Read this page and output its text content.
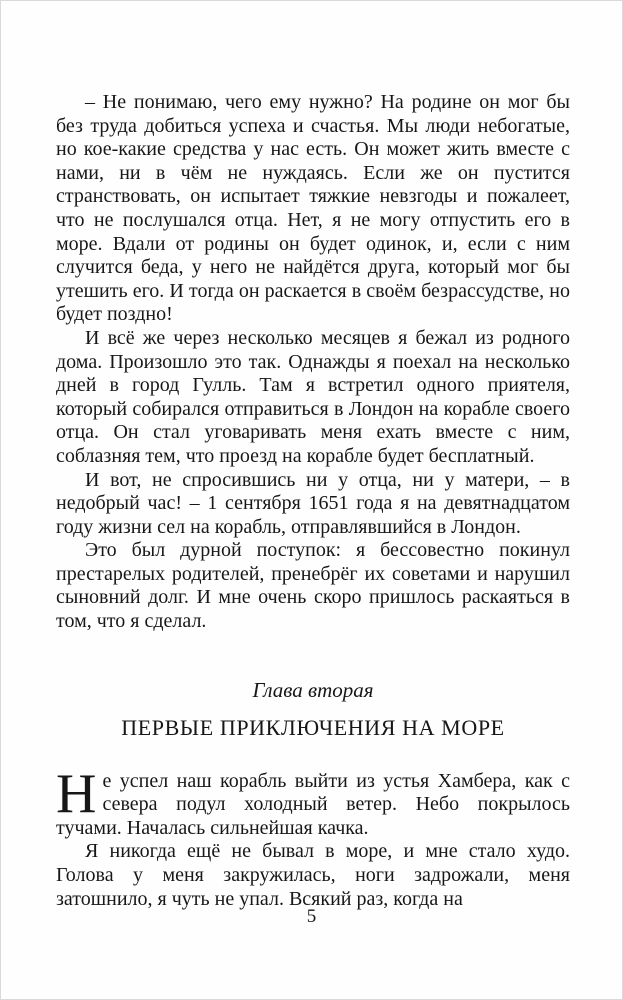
– Не понимаю, чего ему нужно? На родине он мог бы без труда добиться успеха и счастья. Мы люди небогатые, но кое-какие средства у нас есть. Он может жить вместе с нами, ни в чём не нуждаясь. Если же он пустится странствовать, он испытает тяжкие невзгоды и пожалеет, что не послушался отца. Нет, я не могу отпустить его в море. Вдали от родины он будет одинок, и, если с ним случится беда, у него не найдётся друга, который мог бы утешить его. И тогда он раскается в своём безрассудстве, но будет поздно!

И всё же через несколько месяцев я бежал из родного дома. Произошло это так. Однажды я поехал на несколько дней в город Гулль. Там я встретил одного приятеля, который собирался отправиться в Лондон на корабле своего отца. Он стал уговаривать меня ехать вместе с ним, соблазняя тем, что проезд на корабле будет бесплатный.

И вот, не спросившись ни у отца, ни у матери, – в недобрый час! – 1 сентября 1651 года я на девятнадцатом году жизни сел на корабль, отправлявшийся в Лондон.

Это был дурной поступок: я бессовестно покинул престарелых родителей, пренебрёг их советами и нарушил сыновний долг. И мне очень скоро пришлось раскаяться в том, что я сделал.

Глава вторая

ПЕРВЫЕ ПРИКЛЮЧЕНИЯ НА МОРЕ

Не успел наш корабль выйти из устья Хамбера, как с севера подул холодный ветер. Небо покрылось тучами. Началась сильнейшая качка.

Я никогда ещё не бывал в море, и мне стало худо. Голова у меня закружилась, ноги задрожали, меня затошнило, я чуть не упал. Всякий раз, когда на

5
